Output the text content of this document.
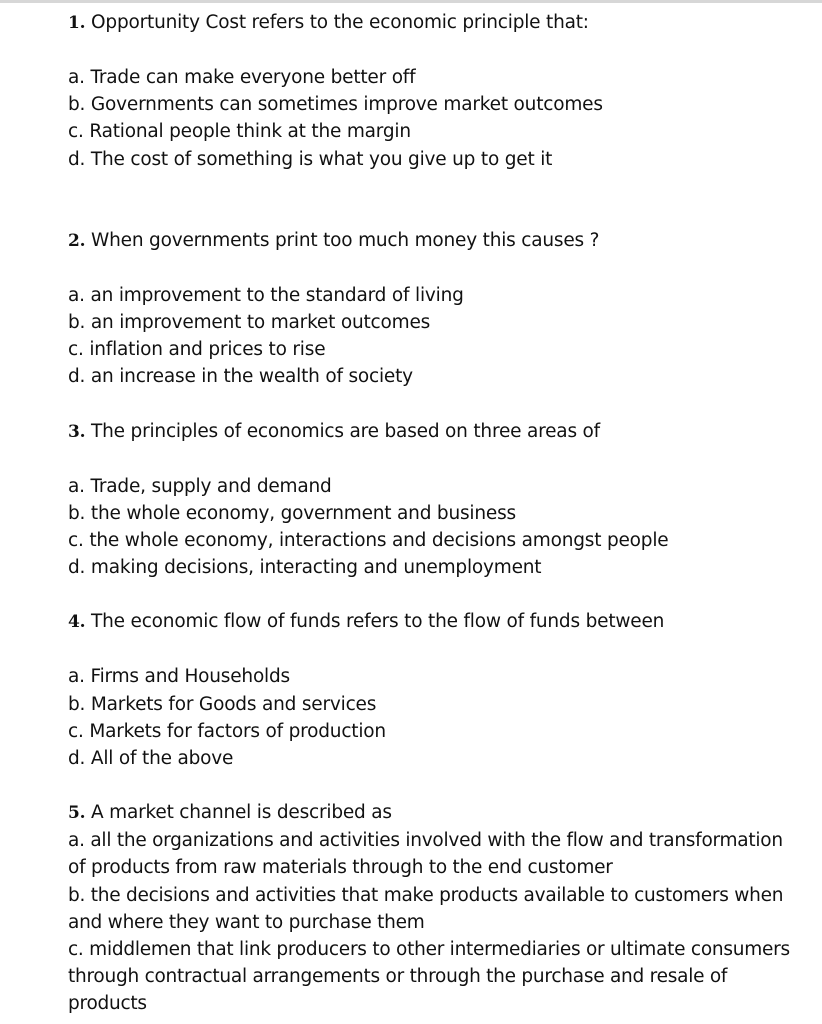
1. Opportunity Cost refers to the economic principle that:

a. Trade can make everyone better off

b. Governments can sometimes improve market outcomes

c. Rational people think at the margin

d. The cost of something is what you give up to get it

2. When governments print too much money this causes ?

a. an improvement to the standard of living

b. an improvement to market outcomes

c. inflation and prices to rise

d. an increase in the wealth of society

3. The principles of economics are based on three areas of

a. Trade, supply and demand

b. the whole economy, government and business

c. the whole economy, interactions and decisions amongst people

d. making decisions, interacting and unemployment

4. The economic flow of funds refers to the flow of funds between

a. Firms and Households

b. Markets for Goods and services

c. Markets for factors of production

d. All of the above

5. A market channel is described as

a. all the organizations and activities involved with the flow and transformation of products from raw materials through to the end customer

b. the decisions and activities that make products available to customers when and where they want to purchase them

c. middlemen that link producers to other intermediaries or ultimate consumers through contractual arrangements or through the purchase and resale of products
